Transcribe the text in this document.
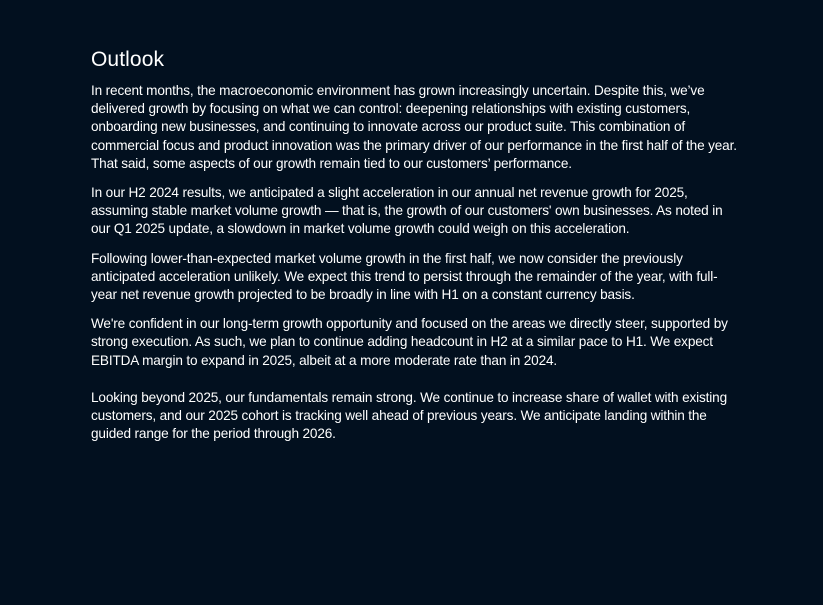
Outlook

In recent months, the macroeconomic environment has grown increasingly uncertain. Despite this, we’ve delivered growth by focusing on what we can control: deepening relationships with existing customers, onboarding new businesses, and continuing to innovate across our product suite. This combination of commercial focus and product innovation was the primary driver of our performance in the first half of the year. That said, some aspects of our growth remain tied to our customers’ performance.

In our H2 2024 results, we anticipated a slight acceleration in our annual net revenue growth for 2025, assuming stable market volume growth — that is, the growth of our customers' own businesses. As noted in our Q1 2025 update, a slowdown in market volume growth could weigh on this acceleration.

Following lower-than-expected market volume growth in the first half, we now consider the previously anticipated acceleration unlikely. We expect this trend to persist through the remainder of the year, with full-year net revenue growth projected to be broadly in line with H1 on a constant currency basis.

We're confident in our long-term growth opportunity and focused on the areas we directly steer, supported by strong execution. As such, we plan to continue adding headcount in H2 at a similar pace to H1. We expect EBITDA margin to expand in 2025, albeit at a more moderate rate than in 2024.

Looking beyond 2025, our fundamentals remain strong. We continue to increase share of wallet with existing customers, and our 2025 cohort is tracking well ahead of previous years. We anticipate landing within the guided range for the period through 2026.
